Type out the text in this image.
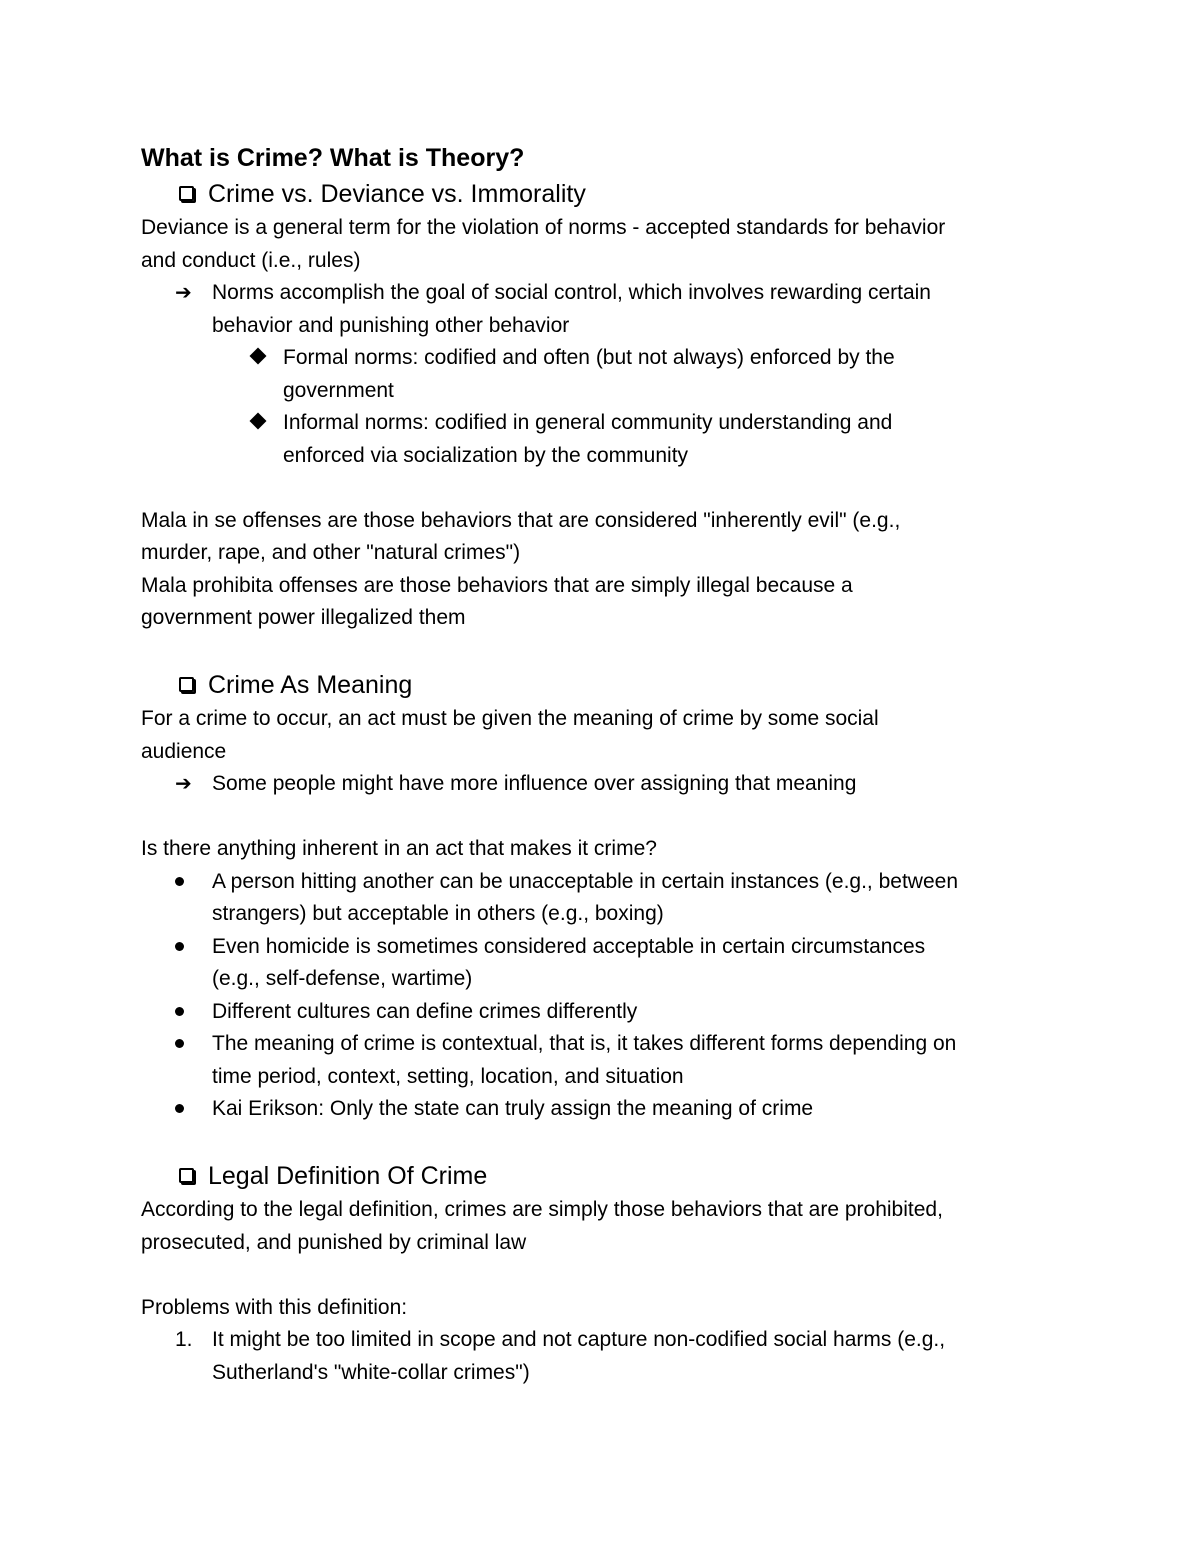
What is Crime? What is Theory?
Crime vs. Deviance vs. Immorality

Deviance is a general term for the violation of norms - accepted standards for behavior
and conduct (i.e., rules)

➔ Norms accomplish the goal of social control, which involves rewarding certain
behavior and punishing other behavior
Formal norms: codified and often (but not always) enforced by the
government
Informal norms: codified in general community understanding and
enforced via socialization by the community

Mala in se offenses are those behaviors that are considered "inherently evil" (e.g.,
murder, rape, and other "natural crimes")
Mala prohibita offenses are those behaviors that are simply illegal because a
government power illegalized them

Crime As Meaning

For a crime to occur, an act must be given the meaning of crime by some social
audience

➔ Some people might have more influence over assigning that meaning

Is there anything inherent in an act that makes it crime?

A person hitting another can be unacceptable in certain instances (e.g., between
strangers) but acceptable in others (e.g., boxing)
Even homicide is sometimes considered acceptable in certain circumstances
(e.g., self-defense, wartime)
Different cultures can define crimes differently
The meaning of crime is contextual, that is, it takes different forms depending on
time period, context, setting, location, and situation
Kai Erikson: Only the state can truly assign the meaning of crime
Legal Definition Of Crime

According to the legal definition, crimes are simply those behaviors that are prohibited,
prosecuted, and punished by criminal law

Problems with this definition:

1. It might be too limited in scope and not capture non-codified social harms (e.g.,
Sutherland's "white-collar crimes")
